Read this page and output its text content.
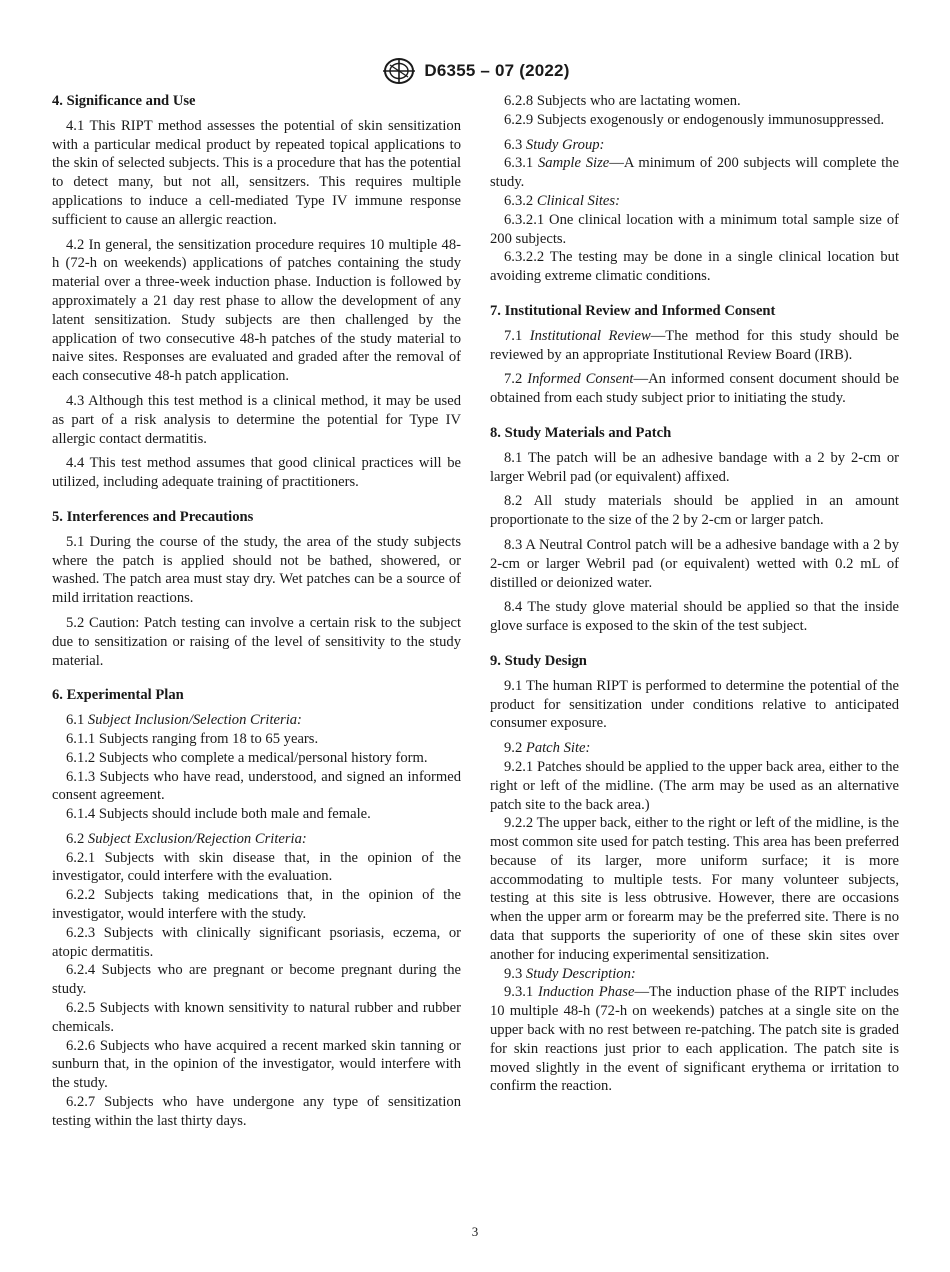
D6355 – 07 (2022)
4. Significance and Use

4.1 This RIPT method assesses the potential of skin sensitization with a particular medical product by repeated topical applications to the skin of selected subjects. This is a procedure that has the potential to detect many, but not all, sensitzers. This requires multiple applications to induce a cell-mediated Type IV immune response sufficient to cause an allergic reaction.

4.2 In general, the sensitization procedure requires 10 multiple 48-h (72-h on weekends) applications of patches containing the study material over a three-week induction phase. Induction is followed by approximately a 21 day rest phase to allow the development of any latent sensitization. Study subjects are then challenged by the application of two consecutive 48-h patches of the study material to naive sites. Responses are evaluated and graded after the removal of each consecutive 48-h patch application.

4.3 Although this test method is a clinical method, it may be used as part of a risk analysis to determine the potential for Type IV allergic contact dermatitis.

4.4 This test method assumes that good clinical practices will be utilized, including adequate training of practitioners.

5. Interferences and Precautions

5.1 During the course of the study, the area of the study subjects where the patch is applied should not be bathed, showered, or washed. The patch area must stay dry. Wet patches can be a source of mild irritation reactions.

5.2 Caution: Patch testing can involve a certain risk to the subject due to sensitization or raising of the level of sensitivity to the study material.

6. Experimental Plan

6.1 Subject Inclusion/Selection Criteria:

6.1.1 Subjects ranging from 18 to 65 years.

6.1.2 Subjects who complete a medical/personal history form.

6.1.3 Subjects who have read, understood, and signed an informed consent agreement.

6.1.4 Subjects should include both male and female.

6.2 Subject Exclusion/Rejection Criteria:

6.2.1 Subjects with skin disease that, in the opinion of the investigator, could interfere with the evaluation.

6.2.2 Subjects taking medications that, in the opinion of the investigator, would interfere with the study.

6.2.3 Subjects with clinically significant psoriasis, eczema, or atopic dermatitis.

6.2.4 Subjects who are pregnant or become pregnant during the study.

6.2.5 Subjects with known sensitivity to natural rubber and rubber chemicals.

6.2.6 Subjects who have acquired a recent marked skin tanning or sunburn that, in the opinion of the investigator, would interfere with the study.

6.2.7 Subjects who have undergone any type of sensitization testing within the last thirty days.

6.2.8 Subjects who are lactating women.

6.2.9 Subjects exogenously or endogenously immunosuppressed.

6.3 Study Group:

6.3.1 Sample Size—A minimum of 200 subjects will complete the study.

6.3.2 Clinical Sites:

6.3.2.1 One clinical location with a minimum total sample size of 200 subjects.

6.3.2.2 The testing may be done in a single clinical location but avoiding extreme climatic conditions.

7. Institutional Review and Informed Consent

7.1 Institutional Review—The method for this study should be reviewed by an appropriate Institutional Review Board (IRB).

7.2 Informed Consent—An informed consent document should be obtained from each study subject prior to initiating the study.

8. Study Materials and Patch

8.1 The patch will be an adhesive bandage with a 2 by 2-cm or larger Webril pad (or equivalent) affixed.

8.2 All study materials should be applied in an amount proportionate to the size of the 2 by 2-cm or larger patch.

8.3 A Neutral Control patch will be a adhesive bandage with a 2 by 2-cm or larger Webril pad (or equivalent) wetted with 0.2 mL of distilled or deionized water.

8.4 The study glove material should be applied so that the inside glove surface is exposed to the skin of the test subject.

9. Study Design

9.1 The human RIPT is performed to determine the potential of the product for sensitization under conditions relative to anticipated consumer exposure.

9.2 Patch Site:

9.2.1 Patches should be applied to the upper back area, either to the right or left of the midline. (The arm may be used as an alternative patch site to the back area.)

9.2.2 The upper back, either to the right or left of the midline, is the most common site used for patch testing. This area has been preferred because of its larger, more uniform surface; it is more accommodating to multiple tests. For many volunteer subjects, testing at this site is less obtrusive. However, there are occasions when the upper arm or forearm may be the preferred site. There is no data that supports the superiority of one of these skin sites over another for inducing experimental sensitization.

9.3 Study Description:

9.3.1 Induction Phase—The induction phase of the RIPT includes 10 multiple 48-h (72-h on weekends) patches at a single site on the upper back with no rest between re-patching. The patch site is graded for skin reactions just prior to each application. The patch site is moved slightly in the event of significant erythema or irritation to confirm the reaction.

3
